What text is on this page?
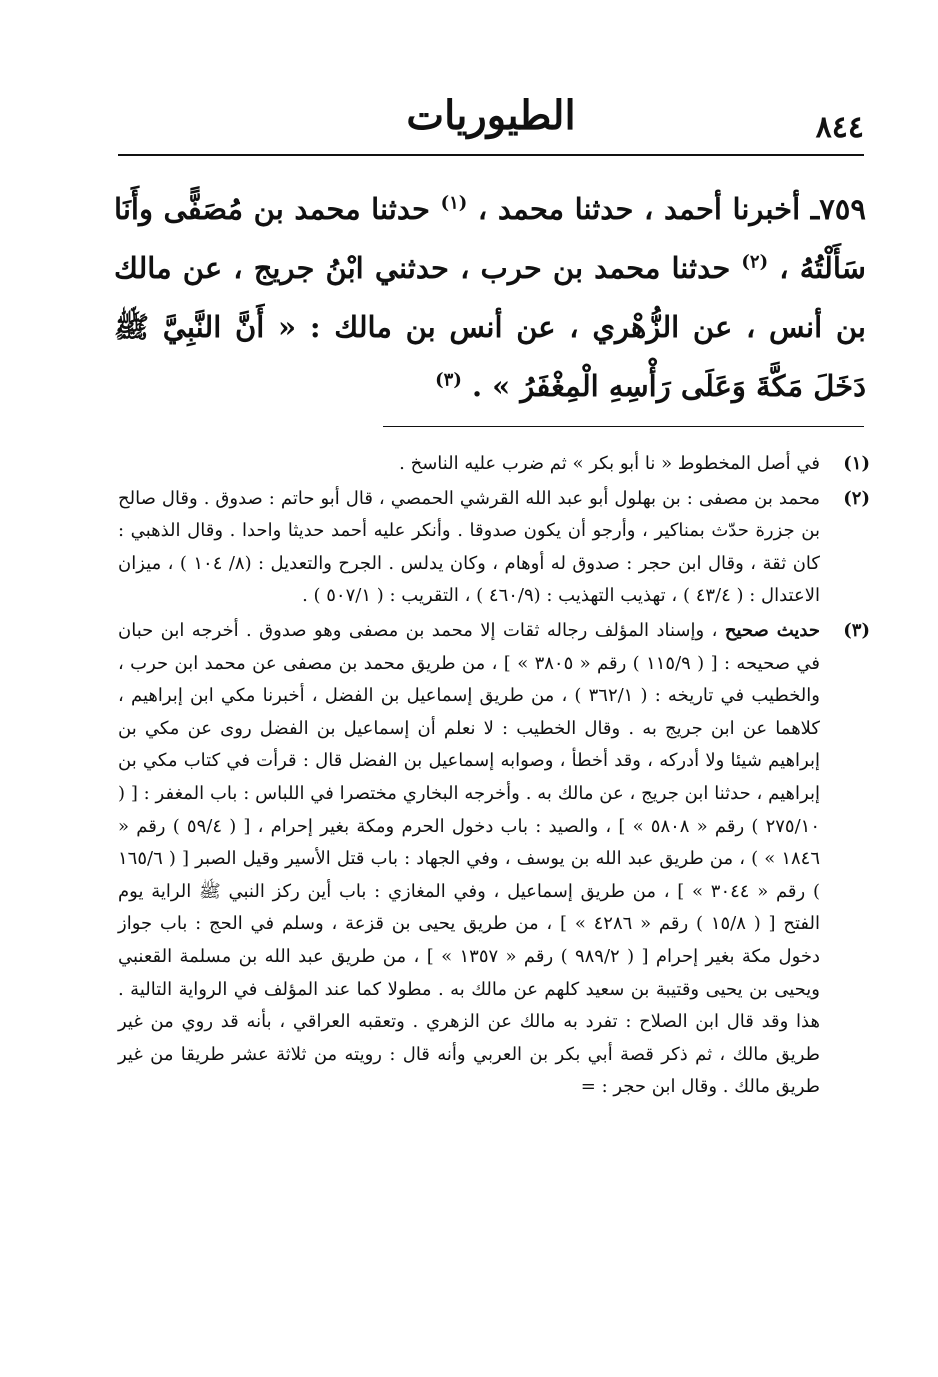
٨٤٤
الطيوريات
٧٥٩ـ أخبرنا أحمد ، حدثنا محمد ، $^{(١)}$ حدثنا محمد بن مُصَفًّى وأَنَا سَأَلْتُهُ ، $^{(٢)}$ حدثنا محمد بن حرب ، حدثني ابْنُ جريج ، عن مالك بن أنس ، عن الزُّهْري ، عن أنس بن مالك : « أَنَّ النَّبِيَّ ﷺ دَخَلَ مَكَّةَ وَعَلَى رَأْسِهِ الْمِغْفَرُ » . $^{(٣)}$

(١)
في أصل المخطوط « نا أبو بكر » ثم ضرب عليه الناسخ .

(٢)
محمد بن مصفى : بن بهلول أبو عبد الله القرشي الحمصي ، قال أبو حاتم : صدوق . وقال صالح بن جزرة حدّث بمناكير ، وأرجو أن يكون صدوقا . وأنكر عليه أحمد حديثا واحدا . وقال الذهبي : كان ثقة ، وقال ابن حجر : صدوق له أوهام ، وكان يدلس . الجرح والتعديل : (٨/ ١٠٤ ) ، ميزان الاعتدال : ( ٤٣/٤ ) ، تهذيب التهذيب : (٤٦٠/٩ ) ، التقريب : ( ٥٠٧/١ ) .

(٣)
حديث صحيح ، وإسناد المؤلف رجاله ثقات إلا محمد بن مصفى وهو صدوق . أخرجه ابن حبان في صحيحه : [ ( ١١٥/٩ ) رقم « ٣٨٠٥ » ] ، من طريق محمد بن مصفى عن محمد ابن حرب ، والخطيب في تاريخه : ( ٣٦٢/١ ) ، من طريق إسماعيل بن الفضل ، أخبرنا مكي ابن إبراهيم ، كلاهما عن ابن جريج به . وقال الخطيب : لا نعلم أن إسماعيل بن الفضل روى عن مكي بن إبراهيم شيئا ولا أدركه ، وقد أخطأ ، وصوابه إسماعيل بن الفضل قال : قرأت في كتاب مكي بن إبراهيم ، حدثنا ابن جريج ، عن مالك به . وأخرجه البخاري مختصرا في اللباس : باب المغفر : [ ( ٢٧٥/١٠ ) رقم « ٥٨٠٨ » ] ، والصيد : باب دخول الحرم ومكة بغير إحرام ، [ ( ٥٩/٤ ) رقم « ١٨٤٦ » ) ، من طريق عبد الله بن يوسف ، وفي الجهاد : باب قتل الأسير وقيل الصبر [ ( ١٦٥/٦ ) رقم « ٣٠٤٤ » ] ، من طريق إسماعيل ، وفي المغازي : باب أين ركز النبي ﷺ الراية يوم الفتح [ ( ١٥/٨ ) رقم « ٤٢٨٦ » ] ، من طريق يحيى بن قزعة ، وسلم في الحج : باب جواز دخول مكة بغير إحرام [ ( ٩٨٩/٢ ) رقم « ١٣٥٧ » ] ، من طريق عبد الله بن مسلمة القعنبي ويحيى بن يحيى وقتيبة بن سعيد كلهم عن مالك به . مطولا كما عند المؤلف في الرواية التالية . هذا وقد قال ابن الصلاح : تفرد به مالك عن الزهري . وتعقبه العراقي ، بأنه قد روي من غير طريق مالك ، ثم ذكر قصة أبي بكر بن العربي وأنه قال : رويته من ثلاثة عشر طريقا من غير طريق مالك . وقال ابن حجر : =
